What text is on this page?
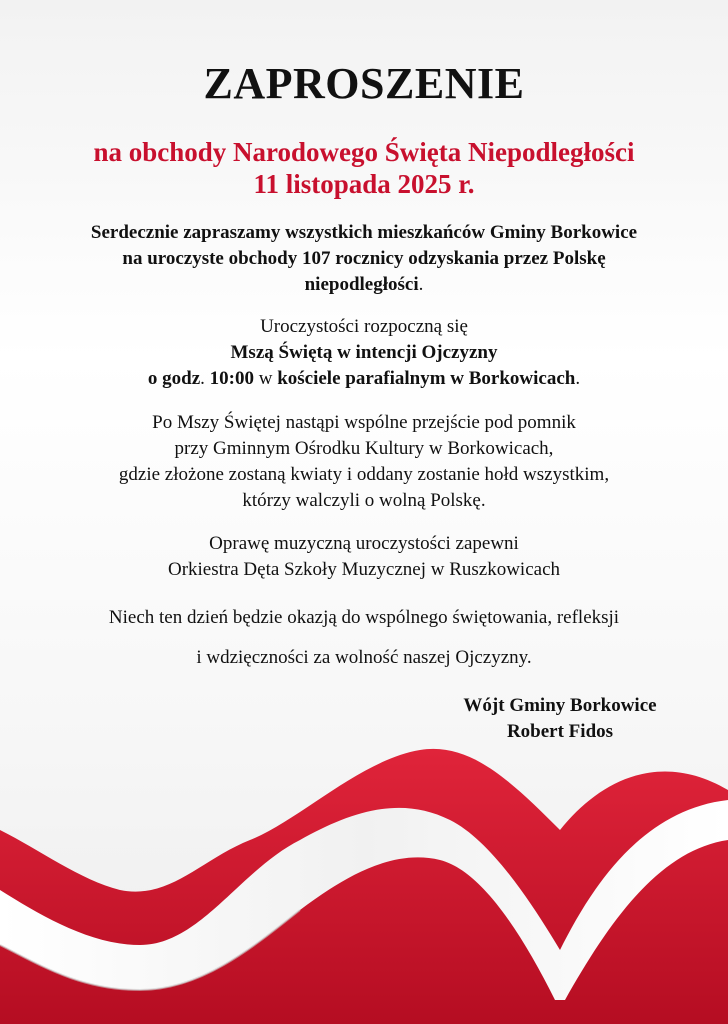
ZAPROSZENIE
na obchody Narodowego Święta Niepodległości
11 listopada 2025 r.

Serdecznie zapraszamy wszystkich mieszkańców Gminy Borkowice
na uroczyste obchody 107 rocznicy odzyskania przez Polskę
niepodległości.

Uroczystości rozpoczną się
Mszą Świętą w intencji Ojczyzny
o godz. 10:00 w kościele parafialnym w Borkowicach.

Po Mszy Świętej nastąpi wspólne przejście pod pomnik
przy Gminnym Ośrodku Kultury w Borkowicach,
gdzie złożone zostaną kwiaty i oddany zostanie hołd wszystkim,
którzy walczyli o wolną Polskę.

Oprawę muzyczną uroczystości zapewni
Orkiestra Dęta Szkoły Muzycznej w Ruszkowicach

Niech ten dzień będzie okazją do wspólnego świętowania, refleksji
i wdzięczności za wolność naszej Ojczyzny.

Wójt Gminy Borkowice
Robert Fidos
